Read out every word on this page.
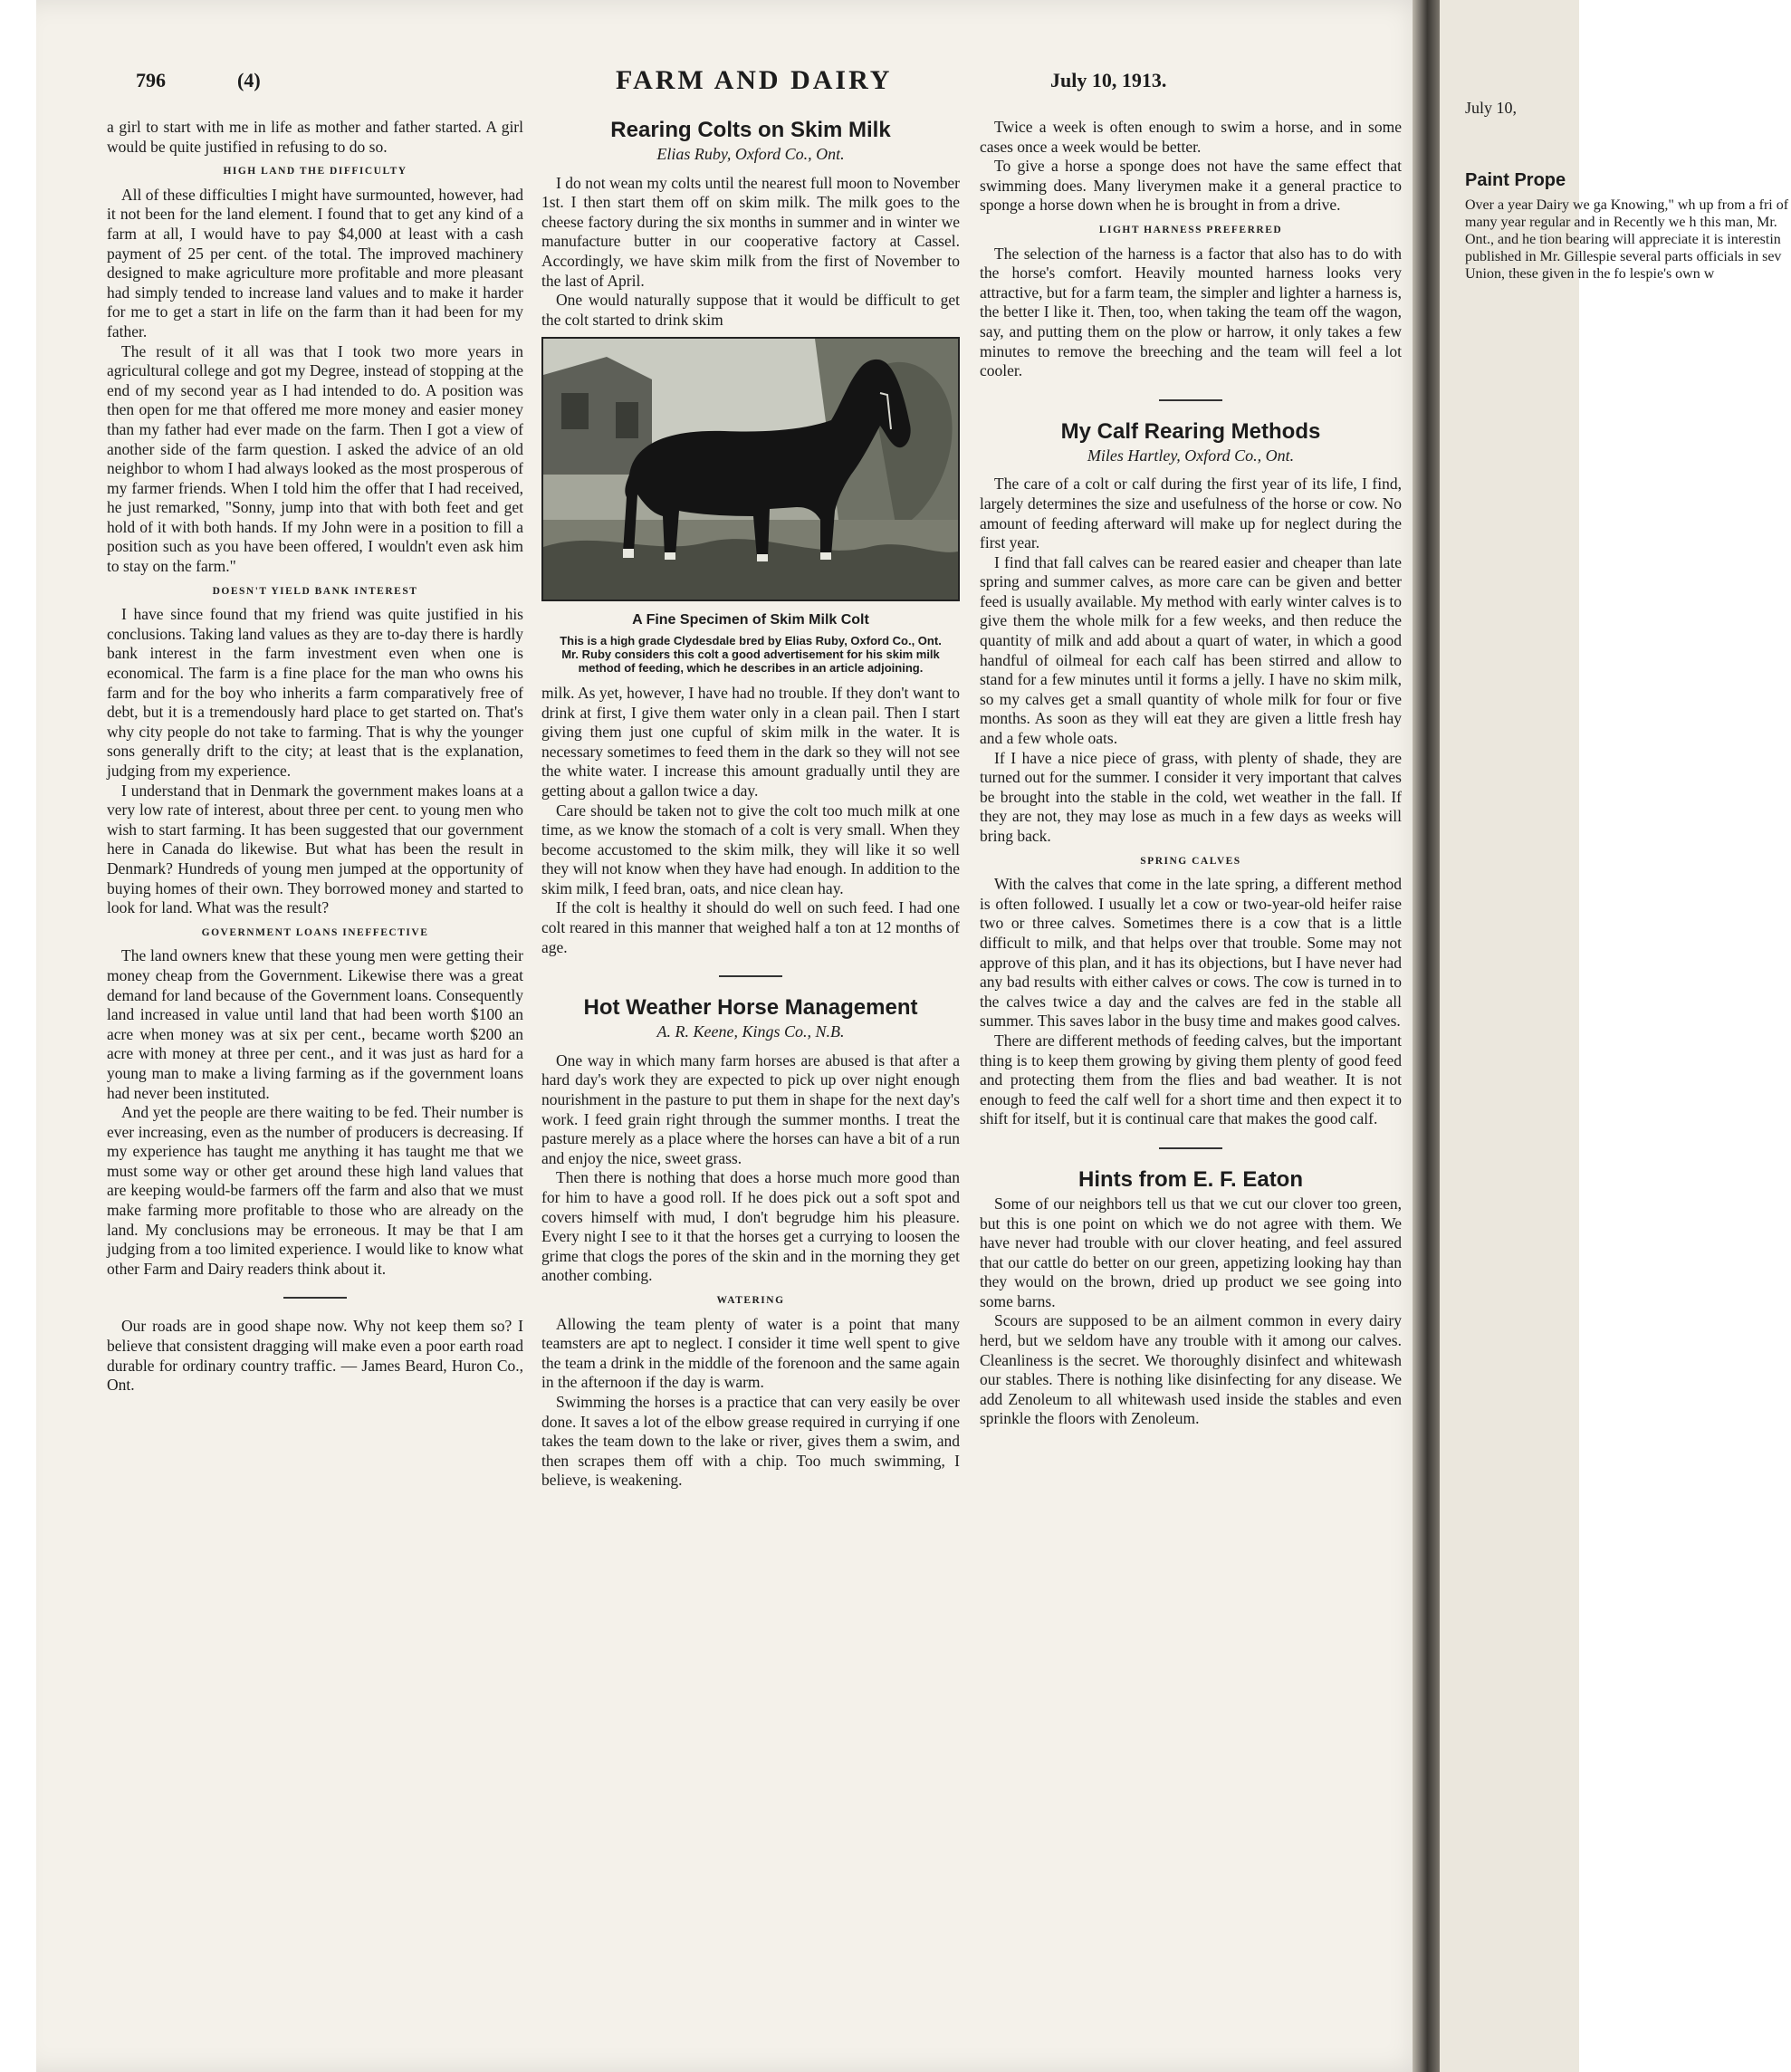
July 10,
Paint Prope
Over a year Dairy we ga Knowing," wh up from a fri of many year regular and in Recently we h this man, Mr. Ont., and he tion bearing will appreciate it is interestin published in Mr. Gillespie several parts officials in sev Union, these given in the fo lespie's own w
796	(4)	FARM AND DAIRY	July 10, 1913.

a girl to start with me in life as mother and father started. A girl would be quite justified in refusing to do so.

HIGH LAND THE DIFFICULTY

All of these difficulties I might have surmounted, however, had it not been for the land element. I found that to get any kind of a farm at all, I would have to pay $4,000 at least with a cash payment of 25 per cent. of the total. The improved machinery designed to make agriculture more profitable and more pleasant had simply tended to increase land values and to make it harder for me to get a start in life on the farm than it had been for my father.

The result of it all was that I took two more years in agricultural college and got my Degree, instead of stopping at the end of my second year as I had intended to do. A position was then open for me that offered me more money and easier money than my father had ever made on the farm. Then I got a view of another side of the farm question. I asked the advice of an old neighbor to whom I had always looked as the most prosperous of my farmer friends. When I told him the offer that I had received, he just remarked, "Sonny, jump into that with both feet and get hold of it with both hands. If my John were in a position to fill a position such as you have been offered, I wouldn't even ask him to stay on the farm."

DOESN'T YIELD BANK INTEREST

I have since found that my friend was quite justified in his conclusions. Taking land values as they are to-day there is hardly bank interest in the farm investment even when one is economical. The farm is a fine place for the man who owns his farm and for the boy who inherits a farm comparatively free of debt, but it is a tremendously hard place to get started on. That's why city people do not take to farming. That is why the younger sons generally drift to the city; at least that is the explanation, judging from my experience.

I understand that in Denmark the government makes loans at a very low rate of interest, about three per cent. to young men who wish to start farming. It has been suggested that our government here in Canada do likewise. But what has been the result in Denmark? Hundreds of young men jumped at the opportunity of buying homes of their own. They borrowed money and started to look for land. What was the result?

GOVERNMENT LOANS INEFFECTIVE

The land owners knew that these young men were getting their money cheap from the Government. Likewise there was a great demand for land because of the Government loans. Consequently land increased in value until land that had been worth $100 an acre when money was at six per cent., became worth $200 an acre with money at three per cent., and it was just as hard for a young man to make a living farming as if the government loans had never been instituted.

And yet the people are there waiting to be fed. Their number is ever increasing, even as the number of producers is decreasing. If my experience has taught me anything it has taught me that we must some way or other get around these high land values that are keeping would-be farmers off the farm and also that we must make farming more profitable to those who are already on the land. My conclusions may be erroneous. It may be that I am judging from a too limited experience. I would like to know what other Farm and Dairy readers think about it.

Our roads are in good shape now. Why not keep them so? I believe that consistent dragging will make even a poor earth road durable for ordinary country traffic. — James Beard, Huron Co., Ont.

Rearing Colts on Skim Milk
Elias Ruby, Oxford Co., Ont.

I do not wean my colts until the nearest full moon to November 1st. I then start them off on skim milk. The milk goes to the cheese factory during the six months in summer and in winter we manufacture butter in our cooperative factory at Cassel. Accordingly, we have skim milk from the first of November to the last of April.

One would naturally suppose that it would be difficult to get the colt started to drink skim

A Fine Specimen of Skim Milk Colt
This is a high grade Clydesdale bred by Elias Ruby, Oxford Co., Ont. Mr. Ruby considers this colt a good advertisement for his skim milk method of feeding, which he describes in an article adjoining.

milk. As yet, however, I have had no trouble. If they don't want to drink at first, I give them water only in a clean pail. Then I start giving them just one cupful of skim milk in the water. It is necessary sometimes to feed them in the dark so they will not see the white water. I increase this amount gradually until they are getting about a gallon twice a day.

Care should be taken not to give the colt too much milk at one time, as we know the stomach of a colt is very small. When they become accustomed to the skim milk, they will like it so well they will not know when they have had enough. In addition to the skim milk, I feed bran, oats, and nice clean hay.

If the colt is healthy it should do well on such feed. I had one colt reared in this manner that weighed half a ton at 12 months of age.

Hot Weather Horse Management
A. R. Keene, Kings Co., N.B.

One way in which many farm horses are abused is that after a hard day's work they are expected to pick up over night enough nourishment in the pasture to put them in shape for the next day's work. I feed grain right through the summer months. I treat the pasture merely as a place where the horses can have a bit of a run and enjoy the nice, sweet grass.

Then there is nothing that does a horse much more good than for him to have a good roll. If he does pick out a soft spot and covers himself with mud, I don't begrudge him his pleasure. Every night I see to it that the horses get a currying to loosen the grime that clogs the pores of the skin and in the morning they get another combing.

WATERING

Allowing the team plenty of water is a point that many teamsters are apt to neglect. I consider it time well spent to give the team a drink in the middle of the forenoon and the same again in the afternoon if the day is warm.

Swimming the horses is a practice that can very easily be over done. It saves a lot of the elbow grease required in currying if one takes the team down to the lake or river, gives them a swim, and then scrapes them off with a chip. Too much swimming, I believe, is weakening.

Twice a week is often enough to swim a horse, and in some cases once a week would be better.

To give a horse a sponge does not have the same effect that swimming does. Many liverymen make it a general practice to sponge a horse down when he is brought in from a drive.

LIGHT HARNESS PREFERRED

The selection of the harness is a factor that also has to do with the horse's comfort. Heavily mounted harness looks very attractive, but for a farm team, the simpler and lighter a harness is, the better I like it. Then, too, when taking the team off the wagon, say, and putting them on the plow or harrow, it only takes a few minutes to remove the breeching and the team will feel a lot cooler.

My Calf Rearing Methods
Miles Hartley, Oxford Co., Ont.

The care of a colt or calf during the first year of its life, I find, largely determines the size and usefulness of the horse or cow. No amount of feeding afterward will make up for neglect during the first year.

I find that fall calves can be reared easier and cheaper than late spring and summer calves, as more care can be given and better feed is usually available. My method with early winter calves is to give them the whole milk for a few weeks, and then reduce the quantity of milk and add about a quart of water, in which a good handful of oilmeal for each calf has been stirred and allow to stand for a few minutes until it forms a jelly. I have no skim milk, so my calves get a small quantity of whole milk for four or five months. As soon as they will eat they are given a little fresh hay and a few whole oats.

If I have a nice piece of grass, with plenty of shade, they are turned out for the summer. I consider it very important that calves be brought into the stable in the cold, wet weather in the fall. If they are not, they may lose as much in a few days as weeks will bring back.

SPRING CALVES

With the calves that come in the late spring, a different method is often followed. I usually let a cow or two-year-old heifer raise two or three calves. Sometimes there is a cow that is a little difficult to milk, and that helps over that trouble. Some may not approve of this plan, and it has its objections, but I have never had any bad results with either calves or cows. The cow is turned in to the calves twice a day and the calves are fed in the stable all summer. This saves labor in the busy time and makes good calves.

There are different methods of feeding calves, but the important thing is to keep them growing by giving them plenty of good feed and protecting them from the flies and bad weather. It is not enough to feed the calf well for a short time and then expect it to shift for itself, but it is continual care that makes the good calf.

Hints from E. F. Eaton

Some of our neighbors tell us that we cut our clover too green, but this is one point on which we do not agree with them. We have never had trouble with our clover heating, and feel assured that our cattle do better on our green, appetizing looking hay than they would on the brown, dried up product we see going into some barns.

Scours are supposed to be an ailment common in every dairy herd, but we seldom have any trouble with it among our calves. Cleanliness is the secret. We thoroughly disinfect and whitewash our stables. There is nothing like disinfecting for any disease. We add Zenoleum to all whitewash used inside the stables and even sprinkle the floors with Zenoleum.
